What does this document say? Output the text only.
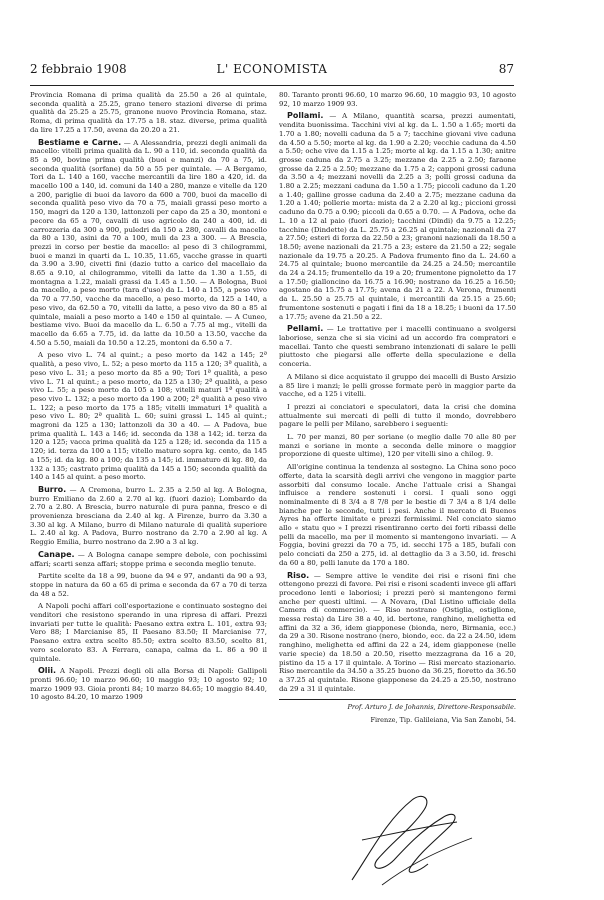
2 febbraio 1908	L' ECONOMISTA	87

Provincia Romana di prima qualità da 25.50 a 26 al quintale, seconda qualità a 25.25, grano tenero stazioni diverse di prima qualità da 25.25 a 25.75, granone nuovo Provincia Romana, staz. Roma, di prima qualità da 17.75 a 18. staz. diverse, prima qualità da lire 17.25 a 17.50, avena da 20.20 a 21.

Bestiame e Carne. — A Alessandria, prezzi degli animali da macello: vitelli prima qualità da L. 90 a 110, id. seconda qualità da 85 a 90, bovine prima qualità (buoi e manzi) da 70 a 75, id. seconda qualità (sorfane) da 50 a 55 per quintale. — A Bergamo, Tori da L. 140 a 160, vacche mercantili da lire 180 a 420, id. da macello 100 a 140, id. comuni da 140 a 280, manze e vitelle da 120 a 200, pariglie di buoi da lavoro da 600 a 700, buoi da macello di seconda qualità peso vivo da 70 a 75, maiali grassi peso morto a 150, magri da 120 a 130, lattonzoli per capo da 25 a 30, montoni e pecore da 65 a 70, cavalli di uso agricolo da 240 a 400, id. di carrozzeria da 300 a 900, puledri da 150 a 280, cavalli da macello da 80 a 130, asini da 70 a 100, muli da 23 a 300. — A Brescia, prezzi in corso per bestie da macello: al peso di 3 chilogrammi, buoi e manzi in quarti da L. 10.35, 11.65, vacche grasse in quarti da 3.90 a 3.90, civetti fini (dazio tutto a carico del macellaio da 8.65 a 9.10, al chilogrammo, vitelli da latte da 1.30 a 1.55, di montagna a 1.22, maiali grassi da 1.45 a 1.50. — A Bologna, Buoi da macello, a peso morto (tara d'uso) da L. 140 a 155, a peso vivo da 70 a 77.50, vacche da macello, a peso morto, da 125 a 140, a peso vivo, da 62.50 a 70, vitelli da latte, a peso vivo da 80 a 85 al quintale, maiali a peso morto a 140 e 150 al quintale. — A Cuneo, bestiame vivo. Buoi da macello da L. 6.50 a 7.75 al mg., vitelli da macello da 6.65 a 7.75, id. da latte da 10.50 a 13.50, vacche da 4.50 a 5.50, maiali da 10.50 a 12.25, montoni da 6.50 a 7.

A peso vivo L. 74 al quint.; a peso morto da 142 a 145; 2ª qualità, a peso vivo, L. 52; a peso morto da 115 a 120; 3ª qualità, a peso vivo L. 31; a peso morto da 85 a 90; Tori 1ª qualità, a peso vivo L. 71 al quint.; a peso morto, da 125 a 130; 2ª qualità, a peso vivo L. 55; a peso morto da 105 a 108; vitelli maturi 1ª qualità a peso vivo L. 132; a peso morto da 190 a 200; 2ª qualità a peso vivo L. 122; a peso morto da 175 a 185; vitelli immaturi 1ª qualità a peso vivo L. 80; 2ª qualità L. 60; suini grassi L. 145 al quint.; magroni da 125 a 130; lattonzoli da 30 a 40. — A Padova, bue prima qualità L. 143 a 146; id. seconda da 138 a 142; id. terza da 120 a 125; vacca prima qualità da 125 a 128; id. seconda da 115 a 120; id. terza da 100 a 115; vitello maturo sopra kg. cento, da 145 a 155; id. da kg. 80 a 100; da 135 a 145; id. immaturo di kg. 80, da 132 a 135; castrato prima qualità da 145 a 150; seconda qualità da 140 a 145 al quint. a peso morto.

Burro. — A Cremona, burro L. 2.35 a 2.50 al kg. A Bologna, burro Emiliano da 2.60 a 2.70 al kg. (fuori dazio); Lombardo da 2.70 a 2.80. A Brescia, burro naturale di pura panna, fresco e di provenienza bresciana da 2.40 al kg. A Firenze, burro da 3.30 a 3.30 al kg. A Milano, burro di Milano naturale di qualità superiore L. 2.40 al kg. A Padova, Burro nostrano da 2.70 a 2.90 al kg. A Reggio Emilia, burro nostrano da 2.90 a 3 al kg.

Canape. — A Bologna canape sempre debole, con pochissimi affari; scarti senza affari; stoppe prima e seconda meglio tenute.

Partite scelte da 18 a 99, buone da 94 e 97, andanti da 90 a 93, stoppe in natura da 60 a 65 di prima e seconda da 67 a 70 di terza da 48 a 52.

A Napoli pochi affari coll'esportazione e continuato sostegno dei venditori che resistono sperando in una ripresa di affari. Prezzi invariati per tutte le qualità: Paesano extra extra L. 101, extra 93; Vero 88; I Marcianise 85, II Paesano 83.50; II Marcianise 77, Paesano extra extra scelto 85.50; extra scelto 83.50, scelto 81, vero scelorato 83. A Ferrara, canapa, calma da L. 86 a 90 il quintale.

Olii. A Napoli. Prezzi degli oli alla Borsa di Napoli: Gallipoli pronti 96.60; 10 marzo 96.60; 10 maggio 93; 10 agosto 92; 10 marzo 1909 93. Gioia pronti 84; 10 marzo 84.65; 10 maggio 84.40, 10 agosto 84.20, 10 marzo 1909

80. Taranto pronti 96.60, 10 marzo 96.60, 10 maggio 93, 10 agosto 92, 10 marzo 1909 93.

Pollami. — A Milano, quantità scarsa, prezzi aumentati, vendita buonissima. Tacchini vivi al kg. da L. 1.50 a 1.65; morti da 1.70 a 1.80; novelli caduna da 5 a 7; tacchine giovani vive caduna da 4.50 a 5.50; morte al kg. da 1.90 a 2.20; vecchie caduna da 4.50 a 5.50; oche vive da 1.15 a 1.25; morte al kg. da 1.15 a 1.30; anitre grosse caduna da 2.75 a 3.25; mezzane da 2.25 a 2.50; faraone grosse da 2.25 a 2.50; mezzane da 1.75 a 2; capponi grossi caduna da 3.50 a 4; mezzani novelli da 2.25 a 3; polli grossi caduna da 1.80 a 2.25; mezzani caduna da 1.50 a 1.75; piccoli caduno da 1.20 a 1.40; galline grosse caduna da 2.40 a 2.75; mezzane caduna da 1.20 a 1.40; pollerie morta: mista da 2 a 2.20 al kg.; piccioni grossi caduno da 0.75 a 0.90; piccoli da 0.65 a 0.70. — A Padova, oche da L. 10 a 12 al paio (fuori dazio); tacchini (Dindi) da 9.75 a 12.25; tacchine (Dindette) da L. 25.75 a 26.25 al quintale; nazionali da 27 a 27.50; esteri di forza da 22.50 a 23; granoni nazionali da 18.50 a 18.50; avene nazionali da 21.75 a 23; estere da 21.50 a 22; segale nazionale da 19.75 a 20.25. A Padova frumento fino da L. 24.60 a 24.75 al quintale; buono mercantile da 24.25 a 24.50; mercantile da 24 a 24.15; frumentello da 19 a 20; frumentone pignoletto da 17 a 17.50; gialloncino da 16.75 a 16.90; nostrano da 16.25 a 16.50; agostano da 15.75 a 17.75; avena da 21 a 22. A Verona, frumenti da L. 25.50 a 25.75 al quintale, i mercantili da 25.15 a 25.60; frumentone sostenuti e pagati i fini da 18 a 18.25; i buoni da 17.50 a 17.75; avene da 21.50 a 22.

Pellami. — Le trattative per i macelli continuano a svolgersi laboriose, senza che si sia vicini ad un accordo fra compratori e macellai. Tanto che questi sembrano intenzionati di salare le pelli piuttosto che piegarsi alle offerte della speculazione e della conceria.

A Milano si dice acquistato il gruppo dei macelli di Busto Arsizio a 85 lire i manzi; le pelli grosse formate però in maggior parte da vacche, ed a 125 i vitelli.

I prezzi ai conciatori e speculatori, data la crisi che domina attualmente sui mercati di pelli di tutto il mondo, dovrebbero pagare le pelli per Milano, sarebbero i seguenti:

L. 70 per manzi, 80 per soriane (o meglio dalle 70 alle 80 per manzi e soriane in monte a seconda delle minore o maggior proporzione di queste ultime), 120 per vitelli sino a chilog. 9.

All'origine continua la tendenza al sostegno. La China sono poco offerte, data la scarsità degli arrivi che vengono in maggior parte assorbiti dal consumo locale. Anche l'attuale crisi a Shangai influisce a rendere sostenuti i corsi. I quali sono oggi nominalmente di 8 3/4 a 8 7/8 per le bestie di 7 3/4 a 8 1/4 delle bianche per le seconde, tutti i pesi. Anche il mercato di Buenos Ayres ha offerte limitate e prezzi fermissimi. Nel conciato siamo allo « statu quo » I prezzi risentiranno certo dei forti ribassi delle pelli da macello, ma per il momento si mantengono invariati. — A Foggia, bovini grezzi da 70 a 75, id. secchi 175 a 185, bufali con pelo conciati da 250 a 275, id. al dettaglio da 3 a 3.50, id. freschi da 60 a 80, pelli lanute da 170 a 180.

Riso. — Sempre attive le vendite dei risi e risoni fini che ottengono prezzi di favore. Pei risi e risoni scadenti invece gli affari procedono lenti e laboriosi; i prezzi però si mantengono fermi anche per questi ultimi. — A Novara, (Dal Listino ufficiale della Camera di commercio). — Riso nostrano (Ostiglia, ostiglione, messa resta) da Lire 38 a 40, id. bertone, ranghino, melighetta ed affini da 32 a 36, idem giapponese (bionda, nero, Birmania, ecc.) da 29 a 30. Risone nostrano (nero, biondo, ecc. da 22 a 24.50, idem ranghino, melighetta ed affini da 22 a 24, idem giapponese (nelle varie specie) da 18.50 a 20.50, risetto mezzagrana da 16 a 20, pistino da 15 a 17 il quintale. A Torino — Risi mercato stazionario. Riso mercantile da 34.50 a 35.25 buono da 36.25, fioretto da 36.50 a 37.25 al quintale. Risone giapponese da 24.25 a 25.50, nostrano da 29 a 31 il quintale.

Prof. Arturo J. de Johannis, Direttore-Responsabile.

Firenze, Tip. Galileiana, Via San Zanobi, 54.
